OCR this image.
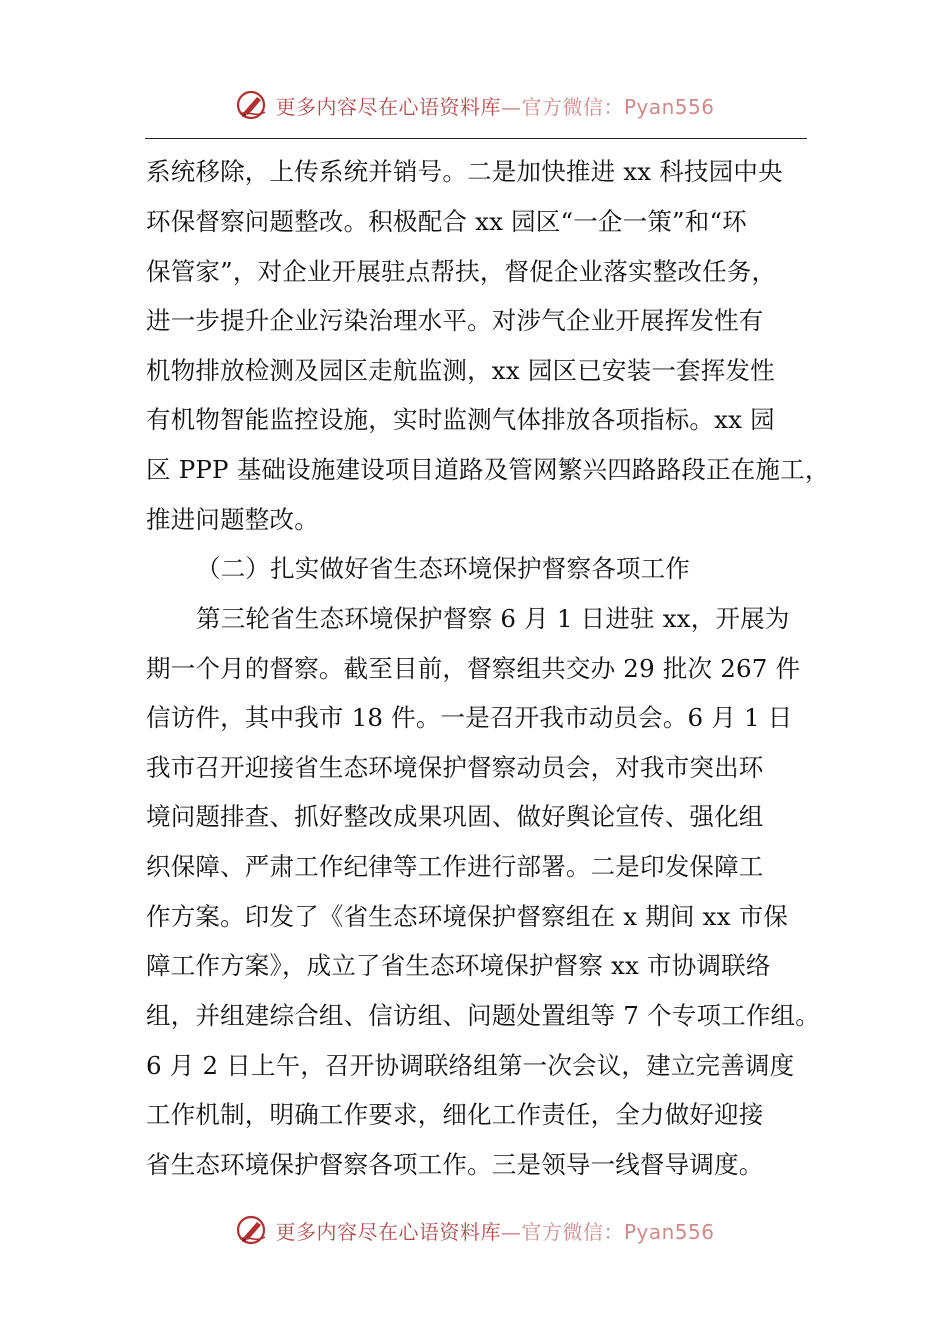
更多内容尽在心语资料库—官方微信：Pyan556
系统移除，上传系统并销号。二是加快推进 xx 科技园中央
环保督察问题整改。积极配合 xx 园区“一企一策”和“环
保管家”，对企业开展驻点帮扶，督促企业落实整改任务，
进一步提升企业污染治理水平。对涉气企业开展挥发性有
机物排放检测及园区走航监测，xx 园区已安装一套挥发性
有机物智能监控设施，实时监测气体排放各项指标。xx 园
区 PPP 基础设施建设项目道路及管网繁兴四路路段正在施工，
推进问题整改。
（二）扎实做好省生态环境保护督察各项工作
第三轮省生态环境保护督察 6 月 1 日进驻 xx，开展为
期一个月的督察。截至目前，督察组共交办 29 批次 267 件
信访件，其中我市 18 件。一是召开我市动员会。6 月 1 日
我市召开迎接省生态环境保护督察动员会，对我市突出环
境问题排查、抓好整改成果巩固、做好舆论宣传、强化组
织保障、严肃工作纪律等工作进行部署。二是印发保障工
作方案。印发了《省生态环境保护督察组在 x 期间 xx 市保
障工作方案》，成立了省生态环境保护督察 xx 市协调联络
组，并组建综合组、信访组、问题处置组等 7 个专项工作组。
6 月 2 日上午，召开协调联络组第一次会议，建立完善调度
工作机制，明确工作要求，细化工作责任，全力做好迎接
省生态环境保护督察各项工作。三是领导一线督导调度。
更多内容尽在心语资料库—官方微信：Pyan556
